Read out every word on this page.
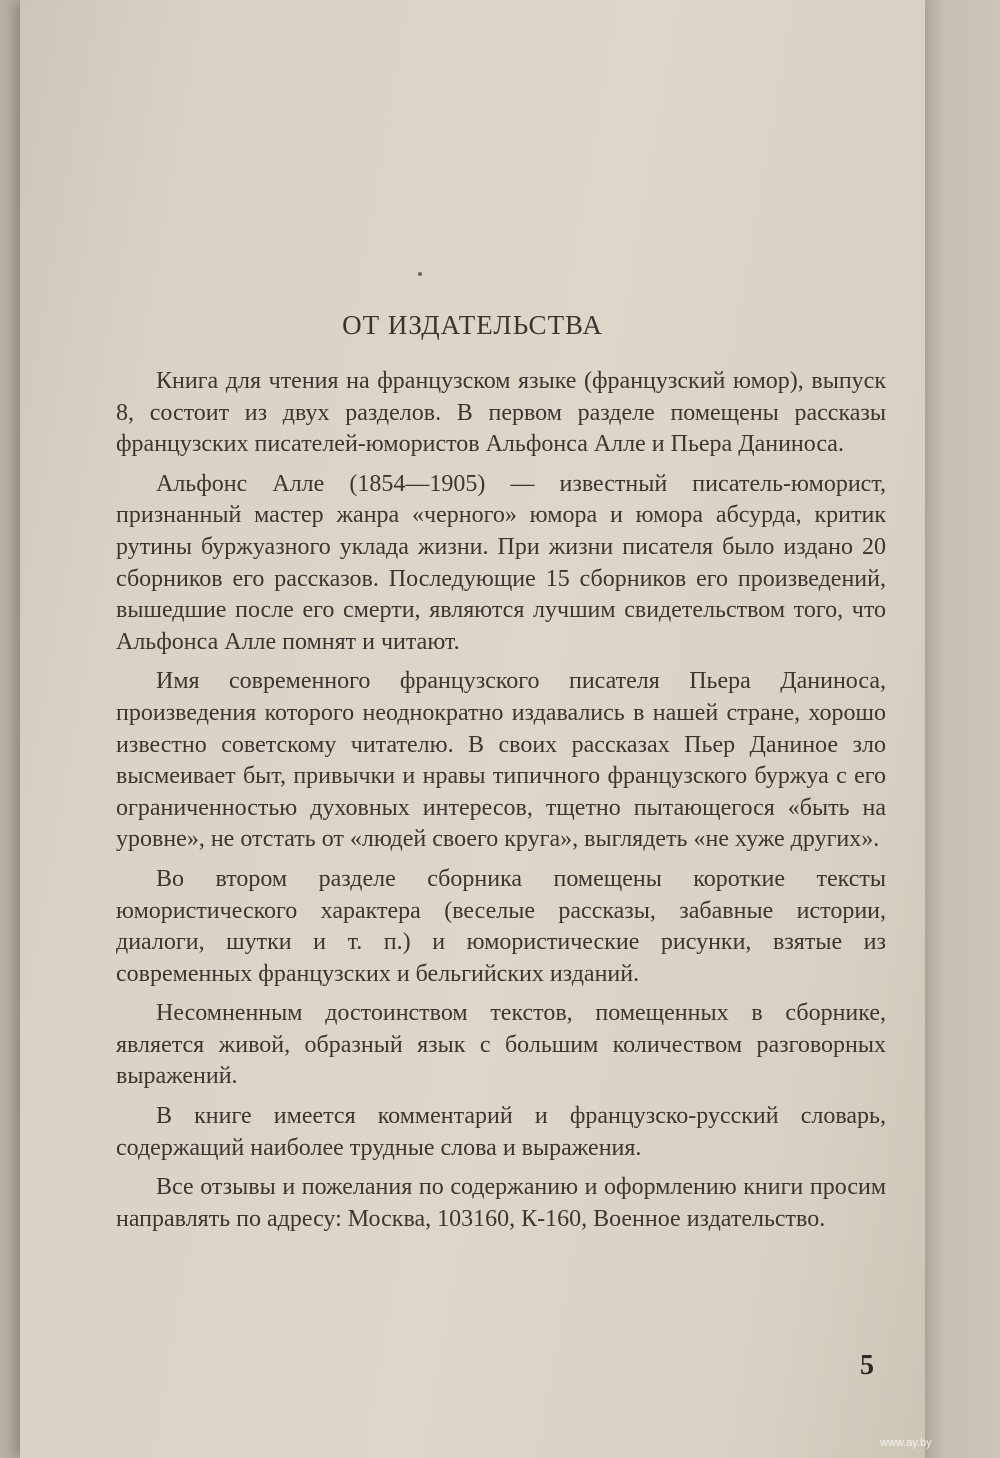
ОТ ИЗДАТЕЛЬСТВА

Книга для чтения на французском языке (французский юмор), выпуск 8, состоит из двух разделов. В первом разделе помещены рассказы французских писателей-юмористов Альфонса Алле и Пьера Даниноса.

Альфонс Алле (1854—1905) — известный писатель-юморист, признанный мастер жанра «черного» юмора и юмора абсурда, критик рутины буржуазного уклада жизни. При жизни писателя было издано 20 сборников его рассказов. Последующие 15 сборников его произведений, вышедшие после его смерти, являются лучшим свидетельством того, что Альфонса Алле помнят и читают.

Имя современного французского писателя Пьера Даниноса, произведения которого неоднократно издавались в нашей стране, хорошо известно советскому читателю. В своих рассказах Пьер Даниное зло высмеивает быт, привычки и нравы типичного французского буржуа с его ограниченностью духовных интересов, тщетно пытающегося «быть на уровне», не отстать от «людей своего круга», выглядеть «не хуже других».

Во втором разделе сборника помещены короткие тексты юмористического характера (веселые рассказы, забавные истории, диалоги, шутки и т. п.) и юмористические рисунки, взятые из современных французских и бельгийских изданий.

Несомненным достоинством текстов, помещенных в сборнике, является живой, образный язык с большим количеством разговорных выражений.

В книге имеется комментарий и французско-русский словарь, содержащий наиболее трудные слова и выражения.

Все отзывы и пожелания по содержанию и оформлению книги просим направлять по адресу: Москва, 103160, К-160, Военное издательство.

5
www.ay.by
